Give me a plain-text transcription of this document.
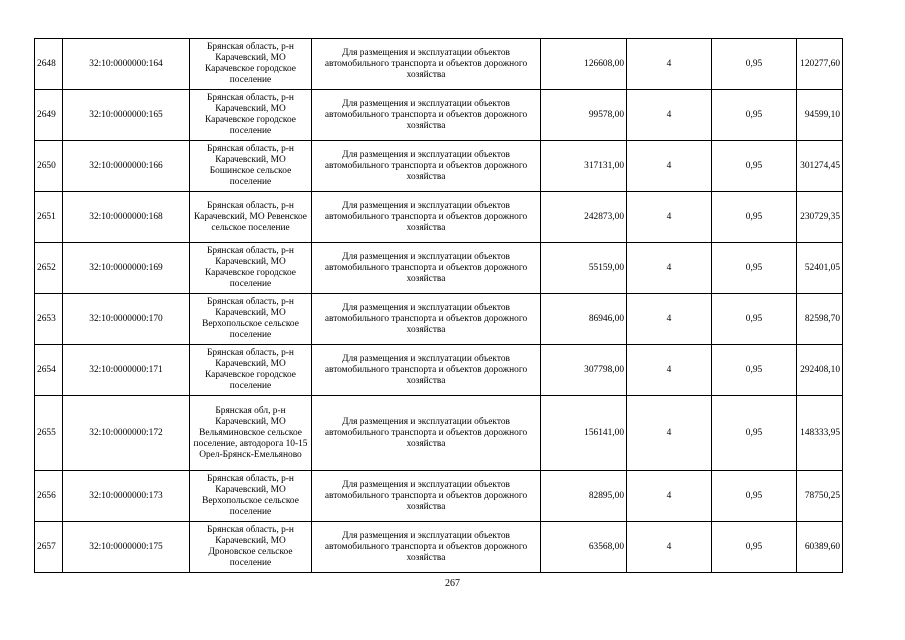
2648	32:10:0000000:164	Брянская область, р-н Карачевский, МО Карачевское городское поселение	Для размещения и эксплуатации объектов автомобильного транспорта и объектов дорожного хозяйства	126608,00	4	0,95	120277,60
2649	32:10:0000000:165	Брянская область, р-н Карачевский, МО Карачевское городское поселение	Для размещения и эксплуатации объектов автомобильного транспорта и объектов дорожного хозяйства	99578,00	4	0,95	94599,10
2650	32:10:0000000:166	Брянская область, р-н Карачевский, МО Бошинское сельское поселение	Для размещения и эксплуатации объектов автомобильного транспорта и объектов дорожного хозяйства	317131,00	4	0,95	301274,45
2651	32:10:0000000:168	Брянская область, р-н Карачевский, МО Ревенское сельское поселение	Для размещения и эксплуатации объектов автомобильного транспорта и объектов дорожного хозяйства	242873,00	4	0,95	230729,35
2652	32:10:0000000:169	Брянская область, р-н Карачевский, МО Карачевское городское поселение	Для размещения и эксплуатации объектов автомобильного транспорта и объектов дорожного хозяйства	55159,00	4	0,95	52401,05
2653	32:10:0000000:170	Брянская область, р-н Карачевский, МО Верхопольское сельское поселение	Для размещения и эксплуатации объектов автомобильного транспорта и объектов дорожного хозяйства	86946,00	4	0,95	82598,70
2654	32:10:0000000:171	Брянская область, р-н Карачевский, МО Карачевское городское поселение	Для размещения и эксплуатации объектов автомобильного транспорта и объектов дорожного хозяйства	307798,00	4	0,95	292408,10
2655	32:10:0000000:172	Брянская обл, р-н Карачевский, МО Вельяминовское сельское поселение, автодорога 10-15 Орел-Брянск-Емельяново	Для размещения и эксплуатации объектов автомобильного транспорта и объектов дорожного хозяйства	156141,00	4	0,95	148333,95
2656	32:10:0000000:173	Брянская область, р-н Карачевский, МО Верхопольское сельское поселение	Для размещения и эксплуатации объектов автомобильного транспорта и объектов дорожного хозяйства	82895,00	4	0,95	78750,25
2657	32:10:0000000:175	Брянская область, р-н Карачевский, МО Дроновское сельское поселение	Для размещения и эксплуатации объектов автомобильного транспорта и объектов дорожного хозяйства	63568,00	4	0,95	60389,60
267
